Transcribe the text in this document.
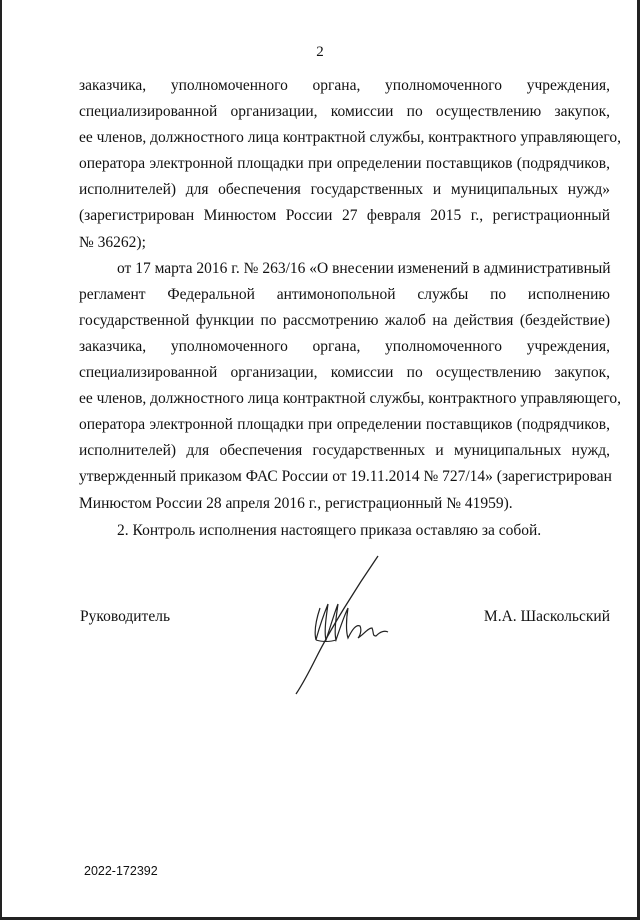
2
заказчика, уполномоченного органа, уполномоченного учреждения,
специализированной организации, комиссии по осуществлению закупок,
ее членов, должностного лица контрактной службы, контрактного управляющего,
оператора электронной площадки при определении поставщиков (подрядчиков,
исполнителей) для обеспечения государственных и муниципальных нужд»
(зарегистрирован Минюстом России 27 февраля 2015 г., регистрационный
№ 36262);
от 17 марта 2016 г. № 263/16 «О внесении изменений в административный
регламент Федеральной антимонопольной службы по исполнению
государственной функции по рассмотрению жалоб на действия (бездействие)
заказчика, уполномоченного органа, уполномоченного учреждения,
специализированной организации, комиссии по осуществлению закупок,
ее членов, должностного лица контрактной службы, контрактного управляющего,
оператора электронной площадки при определении поставщиков (подрядчиков,
исполнителей) для обеспечения государственных и муниципальных нужд,
утвержденный приказом ФАС России от 19.11.2014 № 727/14» (зарегистрирован
Минюстом России 28 апреля 2016 г., регистрационный № 41959).
2. Контроль исполнения настоящего приказа оставляю за собой.
Руководитель	М.А. Шаскольский
2022-172392
